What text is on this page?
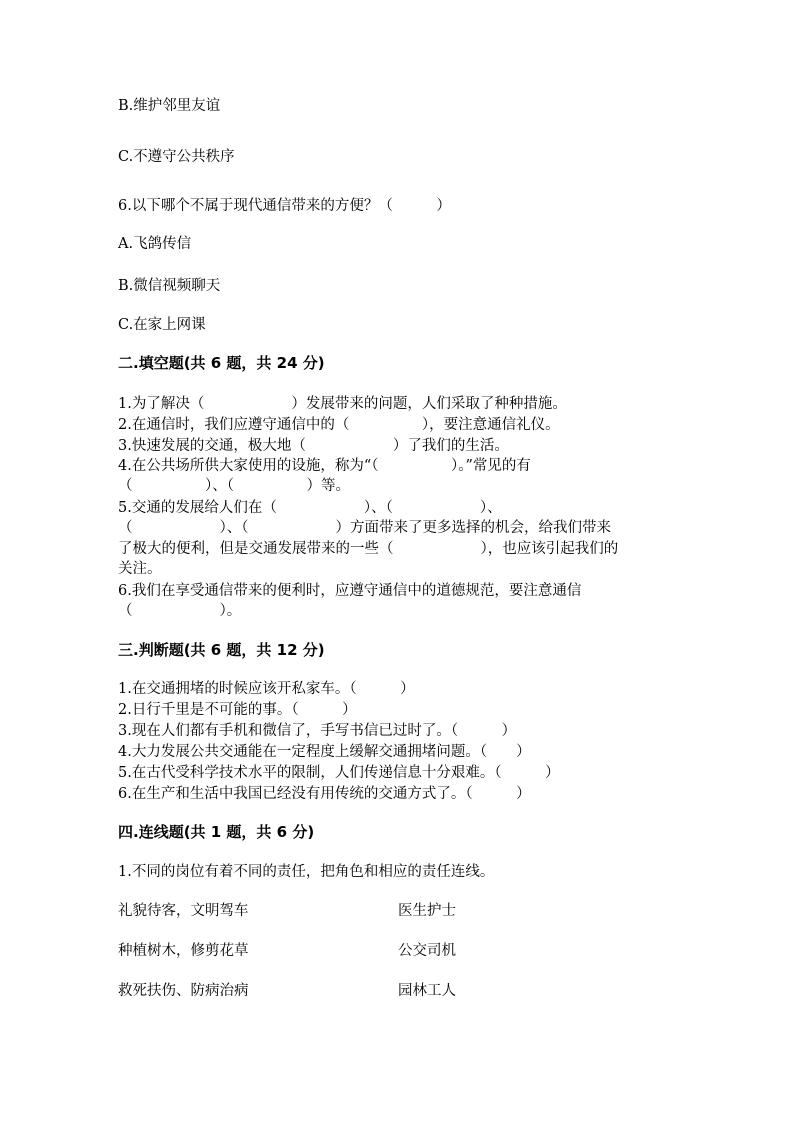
B.维护邻里友谊
C.不遵守公共秩序
6.以下哪个不属于现代通信带来的方便？（　　　）
A.飞鸽传信
B.微信视频聊天
C.在家上网课
二.填空题(共 6 题，共 24 分)
1.为了解决（　　　　　　）发展带来的问题，人们采取了种种措施。
2.在通信时，我们应遵守通信中的（　　　　　），要注意通信礼仪。
3.快速发展的交通，极大地（　　　　　　）了我们的生活。
4.在公共场所供大家使用的设施，称为“（　　　　　）。”常见的有
（　　　　　）、（　　　　　）等。
5.交通的发展给人们在（　　　　　　）、（　　　　　　）、
（　　　　　　）、（　　　　　　）方面带来了更多选择的机会，给我们带来
了极大的便利，但是交通发展带来的一些（　　　　　　），也应该引起我们的
关注。
6.我们在享受通信带来的便利时，应遵守通信中的道德规范，要注意通信
（　　　　　　）。
三.判断题(共 6 题，共 12 分)
1.在交通拥堵的时候应该开私家车。（　　　）
2.日行千里是不可能的事。（　　　）
3.现在人们都有手机和微信了，手写书信已过时了。（　　　）
4.大力发展公共交通能在一定程度上缓解交通拥堵问题。（　　）
5.在古代受科学技术水平的限制，人们传递信息十分艰难。（　　　）
6.在生产和生活中我国已经没有用传统的交通方式了。（　　　）
四.连线题(共 1 题，共 6 分)
1.不同的岗位有着不同的责任，把角色和相应的责任连线。
礼貌待客，文明驾车	医生护士
种植树木，修剪花草	公交司机
救死扶伤、防病治病	园林工人
